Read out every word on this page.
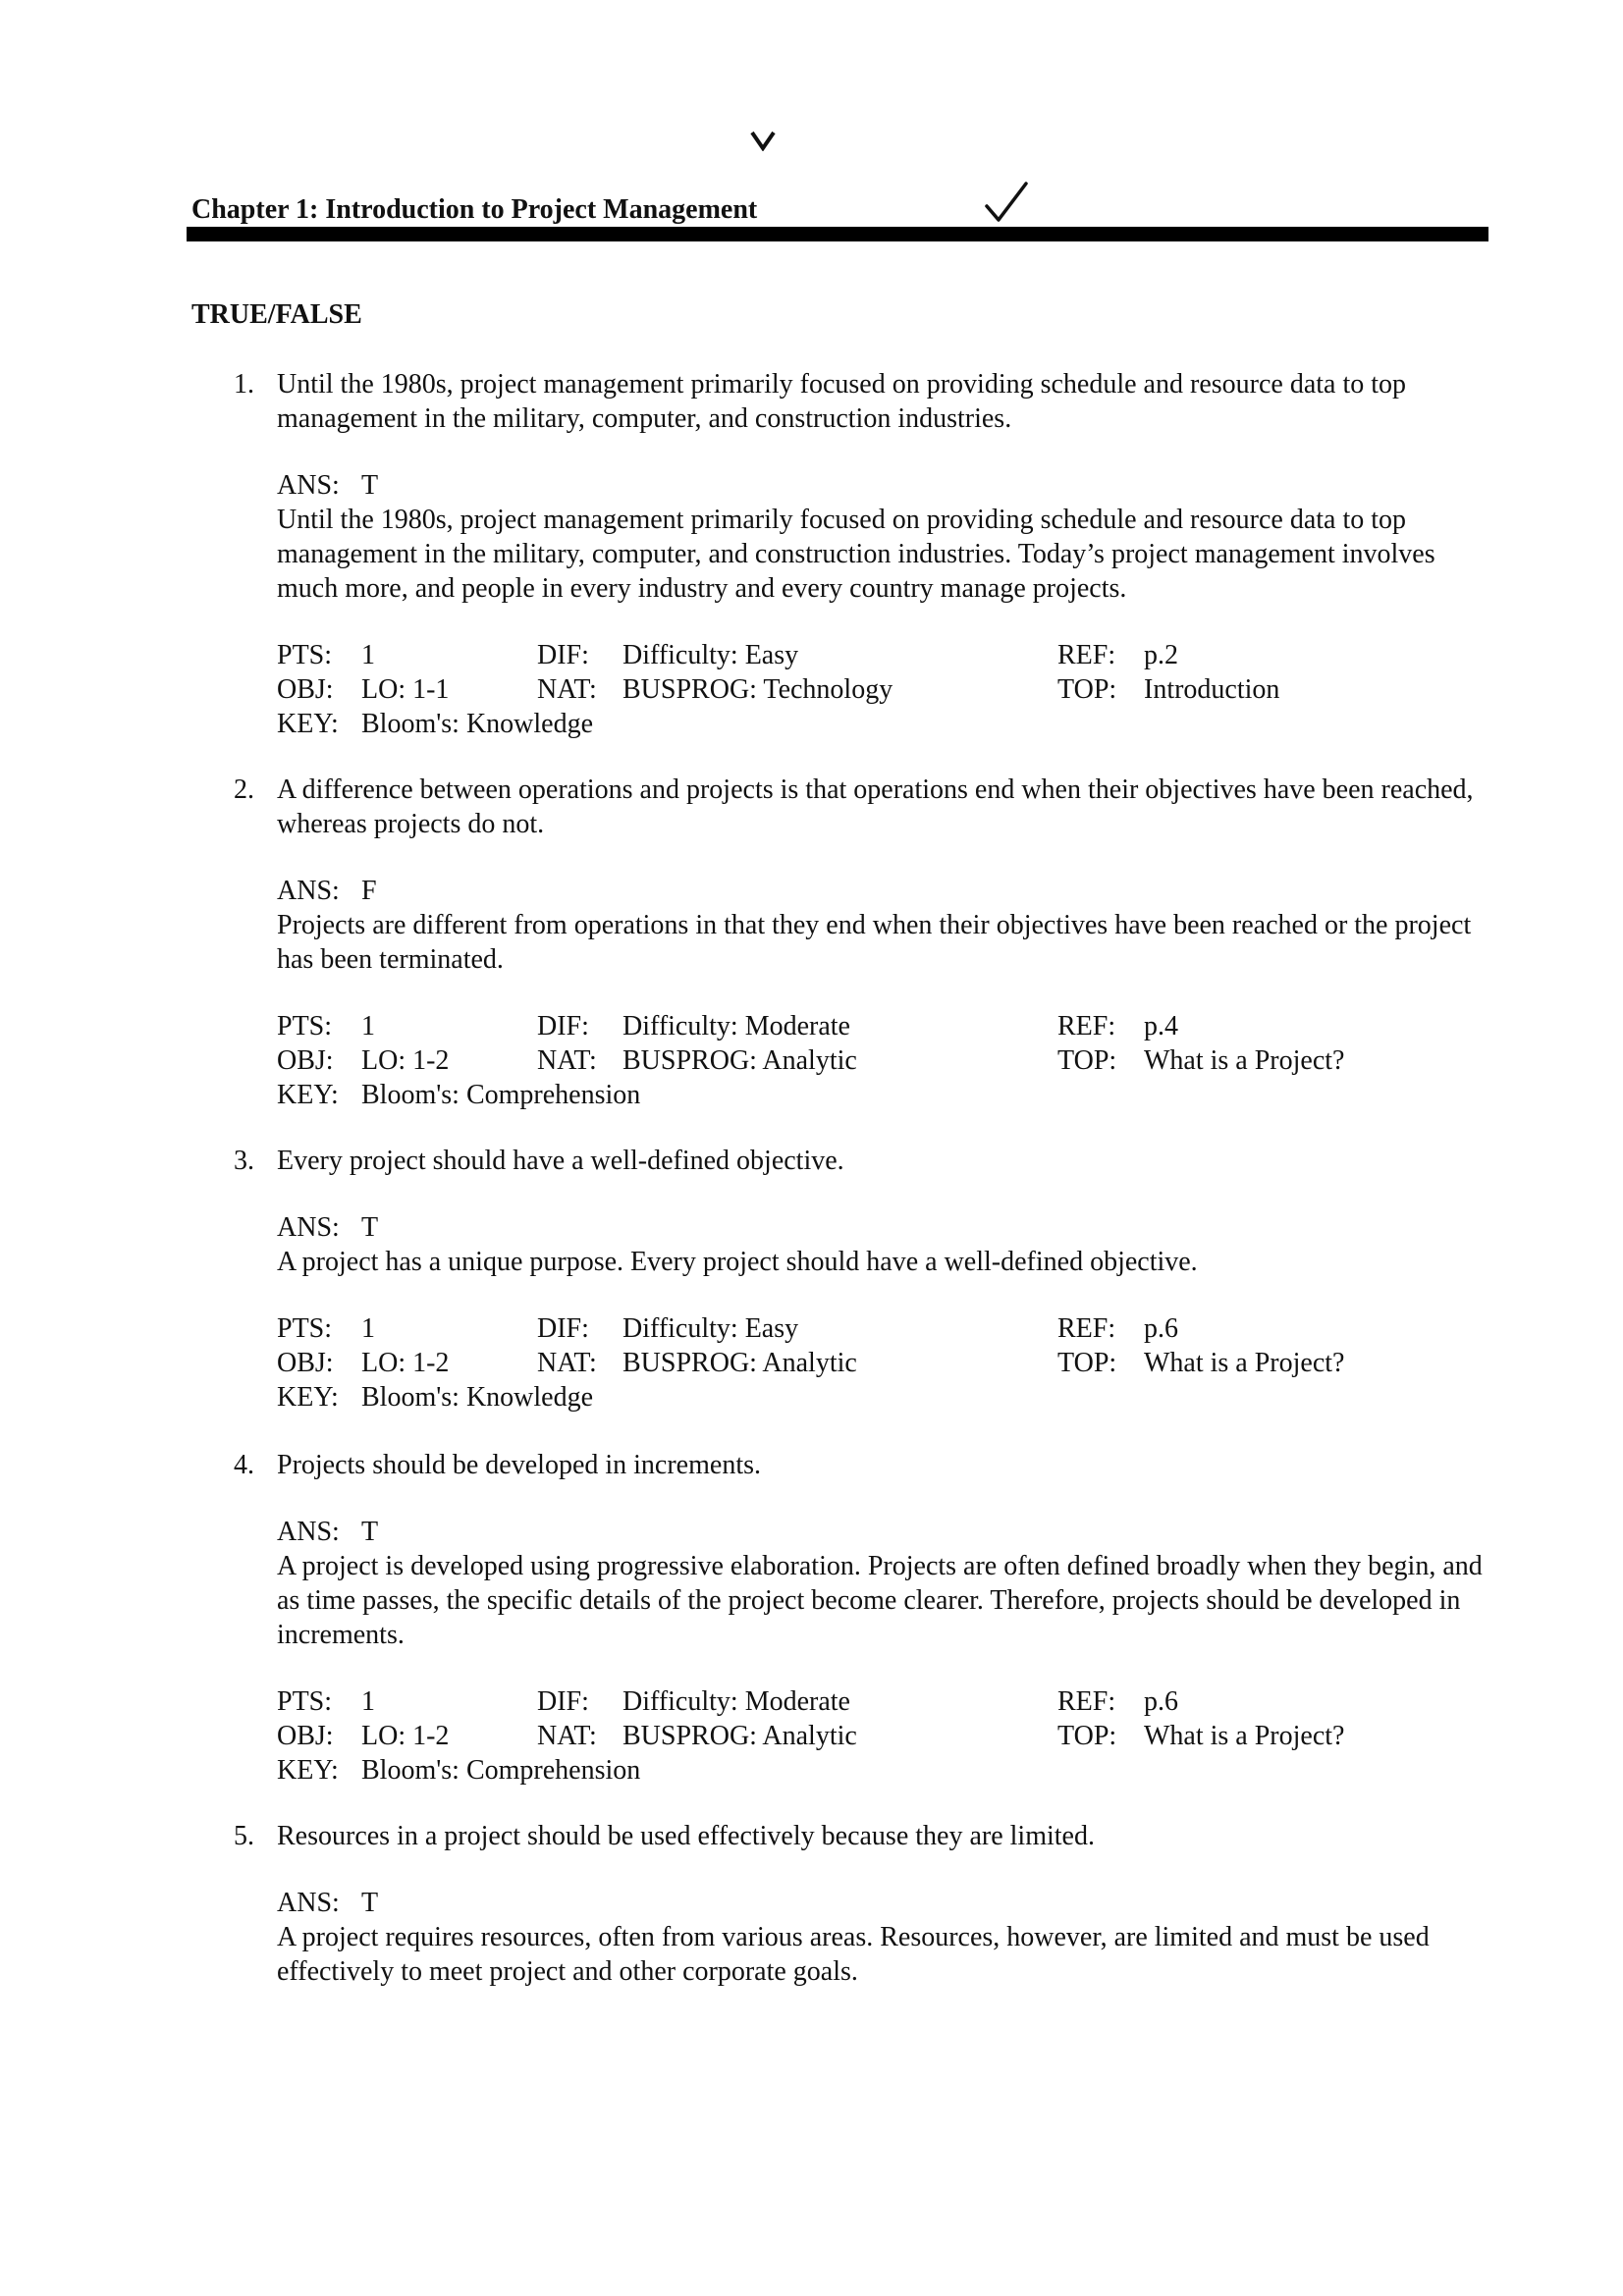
Chapter 1: Introduction to Project Management
TRUE/FALSE
1. Until the 1980s, project management primarily focused on providing schedule and resource data to top management in the military, computer, and construction industries.

ANS: T

Until the 1980s, project management primarily focused on providing schedule and resource data to top management in the military, computer, and construction industries. Today’s project management involves much more, and people in every industry and every country manage projects.

PTS: 1	DIF: Difficulty: Easy	REF: p.2
OBJ: LO: 1-1	NAT: BUSPROG: Technology	TOP: Introduction
KEY: Bloom's: Knowledge
2. A difference between operations and projects is that operations end when their objectives have been reached, whereas projects do not.

ANS: F

Projects are different from operations in that they end when their objectives have been reached or the project has been terminated.

PTS: 1	DIF: Difficulty: Moderate	REF: p.4
OBJ: LO: 1-2	NAT: BUSPROG: Analytic	TOP: What is a Project?
KEY: Bloom's: Comprehension
3. Every project should have a well-defined objective.

ANS: T

A project has a unique purpose. Every project should have a well-defined objective.

PTS: 1	DIF: Difficulty: Easy	REF: p.6
OBJ: LO: 1-2	NAT: BUSPROG: Analytic	TOP: What is a Project?
KEY: Bloom's: Knowledge
4. Projects should be developed in increments.

ANS: T

A project is developed using progressive elaboration. Projects are often defined broadly when they begin, and as time passes, the specific details of the project become clearer. Therefore, projects should be developed in increments.

PTS: 1	DIF: Difficulty: Moderate	REF: p.6
OBJ: LO: 1-2	NAT: BUSPROG: Analytic	TOP: What is a Project?
KEY: Bloom's: Comprehension
5. Resources in a project should be used effectively because they are limited.

ANS: T

A project requires resources, often from various areas. Resources, however, are limited and must be used effectively to meet project and other corporate goals.
